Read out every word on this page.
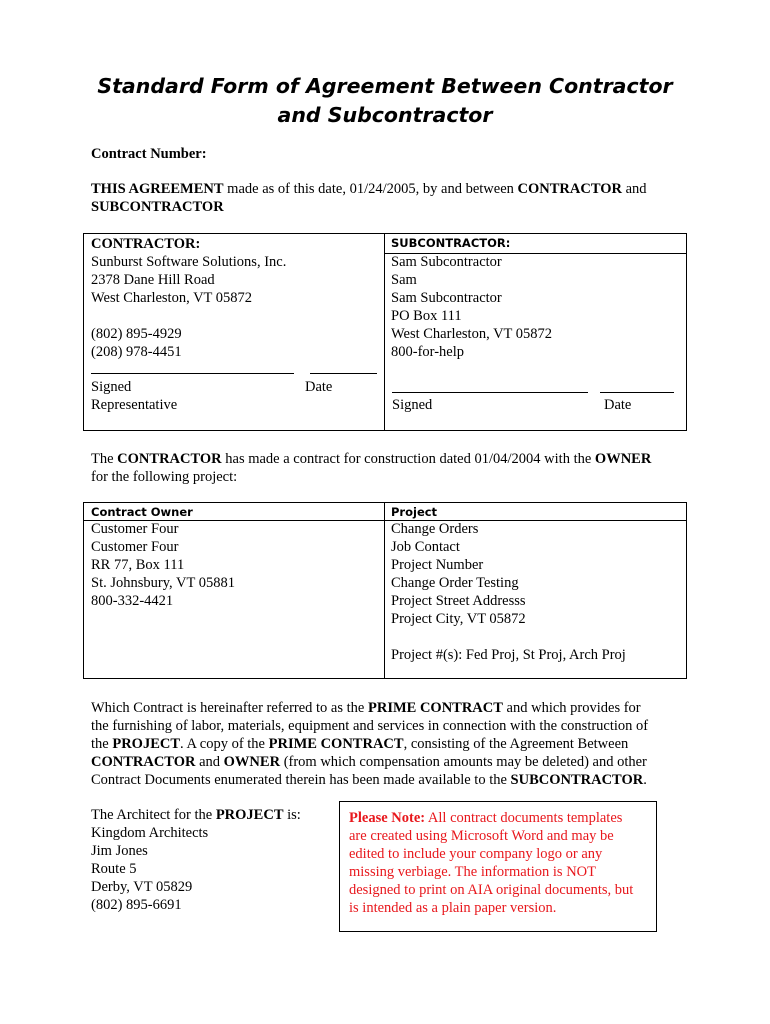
Standard Form of Agreement Between Contractor
and Subcontractor
Contract Number:
THIS AGREEMENT made as of this date, 01/24/2005, by and between CONTRACTOR and
SUBCONTRACTOR
CONTRACTOR:
Sunburst Software Solutions, Inc.
2378 Dane Hill Road
West Charleston, VT 05872
(802) 895-4929
(208) 978-4451
Signed	Date
Representative
SUBCONTRACTOR:
Sam Subcontractor
Sam
Sam Subcontractor
PO Box 111
West Charleston, VT 05872
800-for-help
Signed	Date
The CONTRACTOR has made a contract for construction dated 01/04/2004 with the OWNER
for the following project:
Contract Owner
Customer Four
Customer Four
RR 77, Box 111
St. Johnsbury, VT 05881
800-332-4421
Project
Change Orders
Job Contact
Project Number
Change Order Testing
Project Street Addresss
Project City, VT 05872
Project #(s): Fed Proj, St Proj, Arch Proj
Which Contract is hereinafter referred to as the PRIME CONTRACT and which provides for
the furnishing of labor, materials, equipment and services in connection with the construction of
the PROJECT. A copy of the PRIME CONTRACT, consisting of the Agreement Between
CONTRACTOR and OWNER (from which compensation amounts may be deleted) and other
Contract Documents enumerated therein has been made available to the SUBCONTRACTOR.
The Architect for the PROJECT is:
Kingdom Architects
Jim Jones
Route 5
Derby, VT 05829
(802) 895-6691
Please Note: All contract documents templates
are created using Microsoft Word and may be
edited to include your company logo or any
missing verbiage. The information is NOT
designed to print on AIA original documents, but
is intended as a plain paper version.
